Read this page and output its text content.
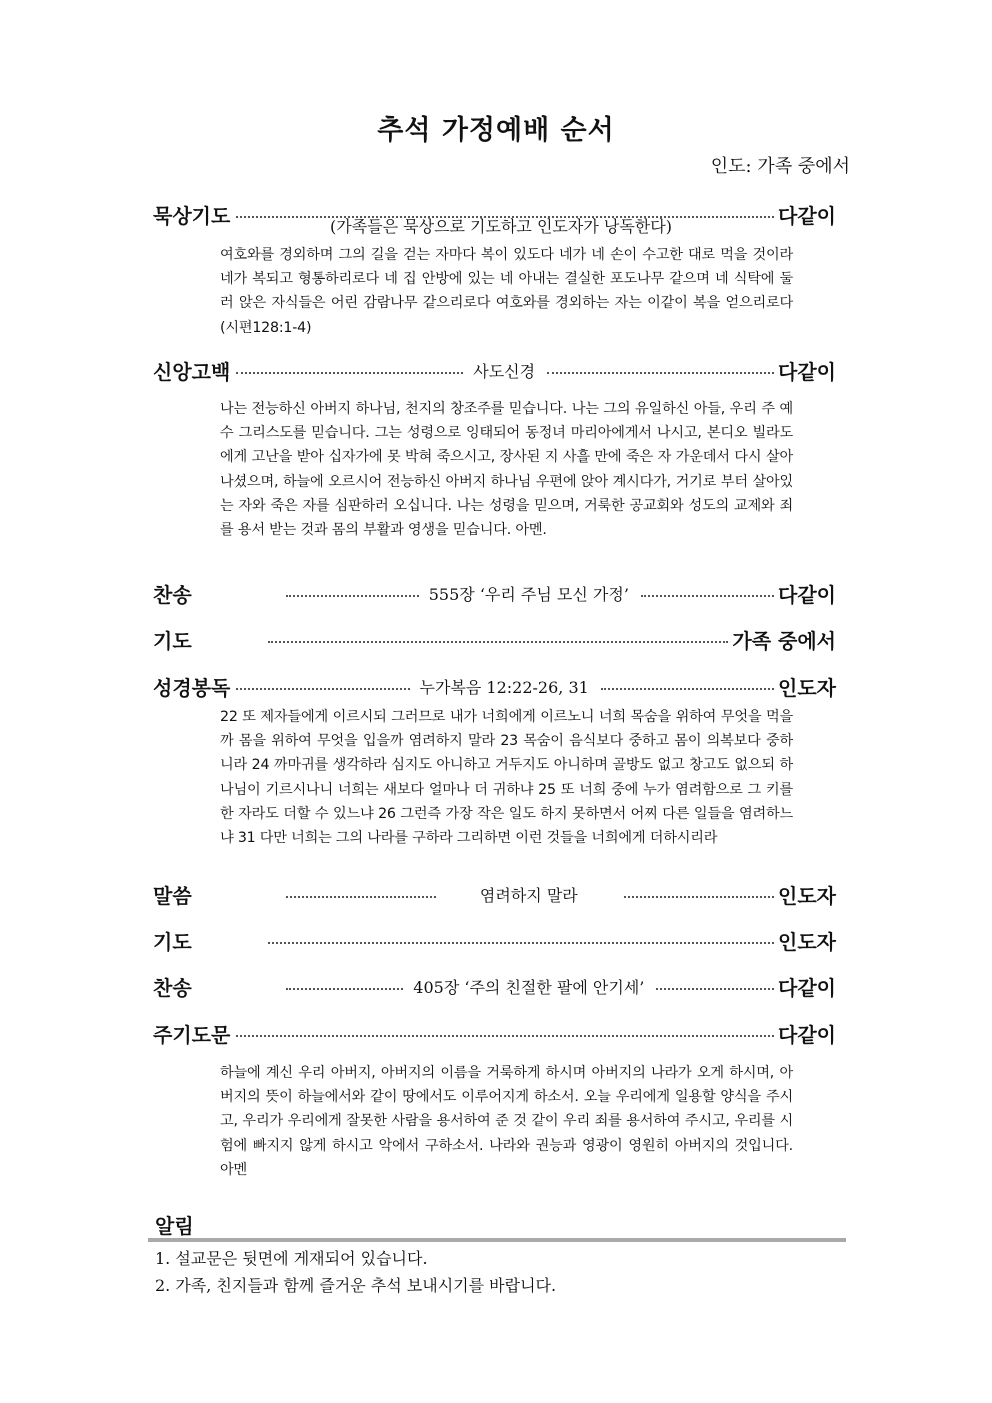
추석 가정예배 순서
인도: 가족 중에서
묵상기도	다같이
(가족들은 묵상으로 기도하고 인도자가 낭독한다)
여호와를 경외하며 그의 길을 걷는 자마다 복이 있도다 네가 네 손이 수고한 대로 먹을 것이라 네가 복되고 형통하리로다 네 집 안방에 있는 네 아내는 결실한 포도나무 같으며 네 식탁에 둘러 앉은 자식들은 어린 감람나무 같으리로다 여호와를 경외하는 자는 이같이 복을 얻으리로다 (시편128:1-4)
신앙고백	사도신경	다같이
나는 전능하신 아버지 하나님, 천지의 창조주를 믿습니다. 나는 그의 유일하신 아들, 우리 주 예수 그리스도를 믿습니다. 그는 성령으로 잉태되어 동정녀 마리아에게서 나시고, 본디오 빌라도에게 고난을 받아 십자가에 못 박혀 죽으시고, 장사된 지 사흘 만에 죽은 자 가운데서 다시 살아나셨으며, 하늘에 오르시어 전능하신 아버지 하나님 우편에 앉아 계시다가, 거기로 부터 살아있는 자와 죽은 자를 심판하러 오십니다. 나는 성령을 믿으며, 거룩한 공교회와 성도의 교제와 죄를 용서 받는 것과 몸의 부활과 영생을 믿습니다. 아멘.
찬송	555장 ‘우리 주님 모신 가정’	다같이
기도	가족 중에서
성경봉독	누가복음 12:22-26, 31	인도자
22 또 제자들에게 이르시되 그러므로 내가 너희에게 이르노니 너희 목숨을 위하여 무엇을 먹을까 몸을 위하여 무엇을 입을까 염려하지 말라 23 목숨이 음식보다 중하고 몸이 의복보다 중하니라 24 까마귀를 생각하라 심지도 아니하고 거두지도 아니하며 골방도 없고 창고도 없으되 하나님이 기르시나니 너희는 새보다 얼마나 더 귀하냐 25 또 너희 중에 누가 염려함으로 그 키를 한 자라도 더할 수 있느냐 26 그런즉 가장 작은 일도 하지 못하면서 어찌 다른 일들을 염려하느냐 31 다만 너희는 그의 나라를 구하라 그리하면 이런 것들을 너희에게 더하시리라
말씀	염려하지 말라	인도자
기도	인도자
찬송	405장 ‘주의 친절한 팔에 안기세’	다같이
주기도문	다같이
하늘에 계신 우리 아버지, 아버지의 이름을 거룩하게 하시며 아버지의 나라가 오게 하시며, 아버지의 뜻이 하늘에서와 같이 땅에서도 이루어지게 하소서. 오늘 우리에게 일용할 양식을 주시고, 우리가 우리에게 잘못한 사람을 용서하여 준 것 같이 우리 죄를 용서하여 주시고, 우리를 시험에 빠지지 않게 하시고 악에서 구하소서. 나라와 권능과 영광이 영원히 아버지의 것입니다. 아멘
알림
1. 설교문은 뒷면에 게재되어 있습니다.
2. 가족, 친지들과 함께 즐거운 추석 보내시기를 바랍니다.
